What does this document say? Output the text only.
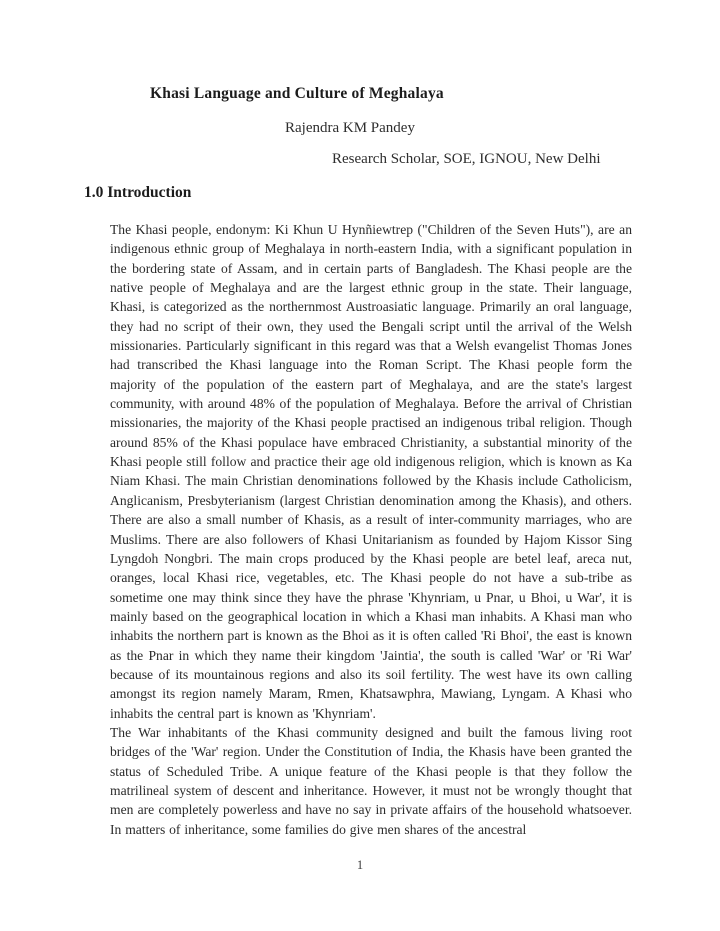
Khasi Language and Culture of Meghalaya
Rajendra KM Pandey
Research Scholar, SOE, IGNOU, New Delhi
1.0 Introduction

The Khasi people, endonym: Ki Khun U Hynñiewtrep ("Children of the Seven Huts"), are an indigenous ethnic group of Meghalaya in north-eastern India, with a significant population in the bordering state of Assam, and in certain parts of Bangladesh. The Khasi people are the native people of Meghalaya and are the largest ethnic group in the state. Their language, Khasi, is categorized as the northernmost Austroasiatic language. Primarily an oral language, they had no script of their own, they used the Bengali script until the arrival of the Welsh missionaries. Particularly significant in this regard was that a Welsh evangelist Thomas Jones had transcribed the Khasi language into the Roman Script. The Khasi people form the majority of the population of the eastern part of Meghalaya, and are the state's largest community, with around 48% of the population of Meghalaya. Before the arrival of Christian missionaries, the majority of the Khasi people practised an indigenous tribal religion. Though around 85% of the Khasi populace have embraced Christianity, a substantial minority of the Khasi people still follow and practice their age old indigenous religion, which is known as Ka Niam Khasi. The main Christian denominations followed by the Khasis include Catholicism, Anglicanism, Presbyterianism (largest Christian denomination among the Khasis), and others. There are also a small number of Khasis, as a result of inter-community marriages, who are Muslims. There are also followers of Khasi Unitarianism as founded by Hajom Kissor Sing Lyngdoh Nongbri. The main crops produced by the Khasi people are betel leaf, areca nut, oranges, local Khasi rice, vegetables, etc. The Khasi people do not have a sub-tribe as sometime one may think since they have the phrase 'Khynriam, u Pnar, u Bhoi, u War', it is mainly based on the geographical location in which a Khasi man inhabits. A Khasi man who inhabits the northern part is known as the Bhoi as it is often called 'Ri Bhoi', the east is known as the Pnar in which they name their kingdom 'Jaintia', the south is called 'War' or 'Ri War' because of its mountainous regions and also its soil fertility. The west have its own calling amongst its region namely Maram, Rmen, Khatsawphra, Mawiang, Lyngam. A Khasi who inhabits the central part is known as 'Khynriam'.

The War inhabitants of the Khasi community designed and built the famous living root bridges of the 'War' region. Under the Constitution of India, the Khasis have been granted the status of Scheduled Tribe. A unique feature of the Khasi people is that they follow the matrilineal system of descent and inheritance. However, it must not be wrongly thought that men are completely powerless and have no say in private affairs of the household whatsoever. In matters of inheritance, some families do give men shares of the ancestral

1
